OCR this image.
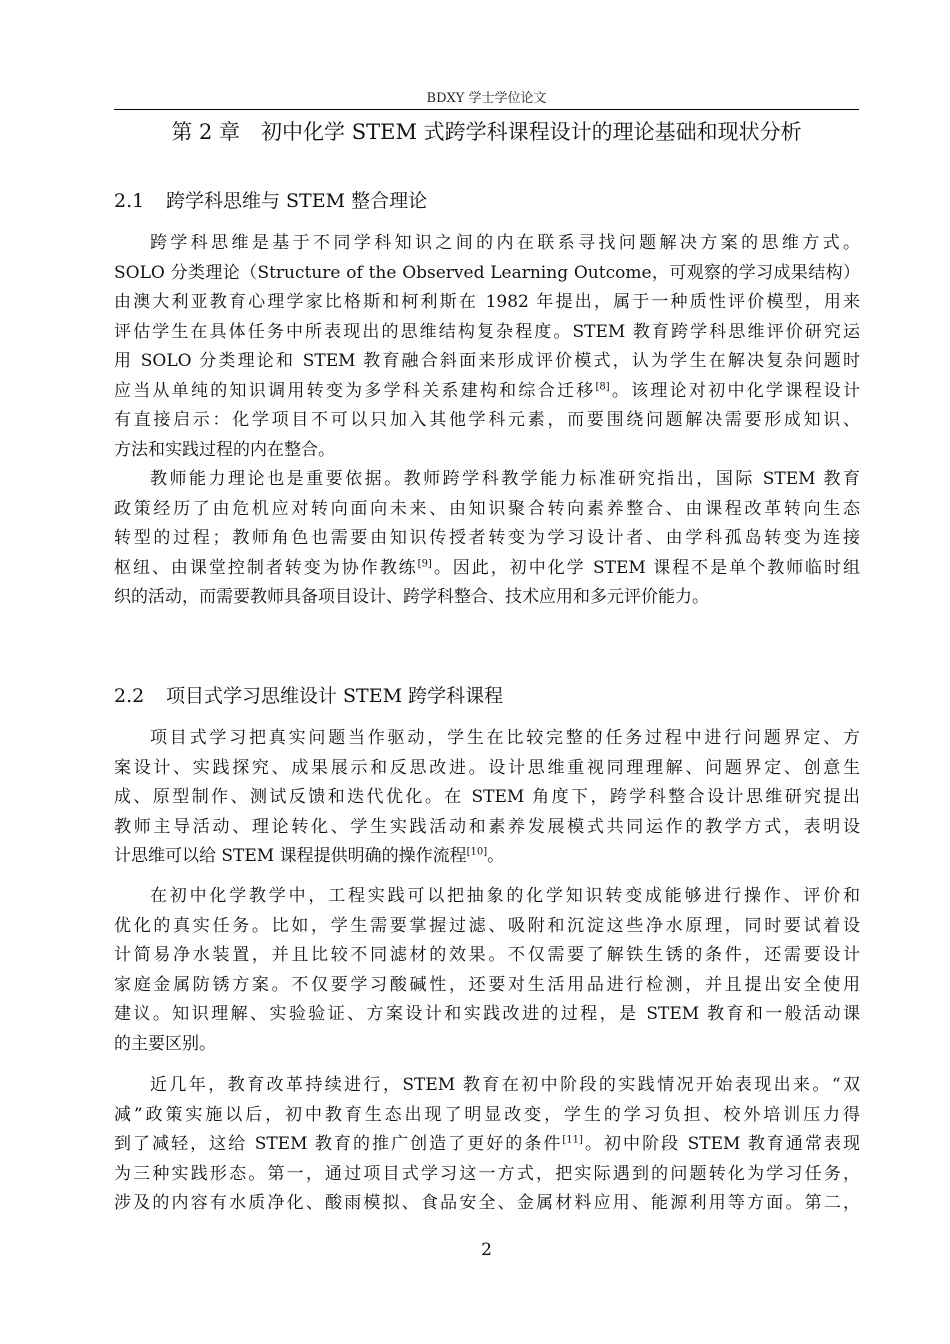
BDXY 学士学位论文
第 2 章　初中化学 STEM 式跨学科课程设计的理论基础和现状分析
2.1 跨学科思维与 STEM 整合理论
跨学科思维是基于不同学科知识之间的内在联系寻找问题解决方案的思维方式。
SOLO 分类理论（Structure of the Observed Learning Outcome，可观察的学习成果结构）
由澳大利亚教育心理学家比格斯和柯利斯在 1982 年提出，属于一种质性评价模型，用来
评估学生在具体任务中所表现出的思维结构复杂程度。STEM 教育跨学科思维评价研究运
用 SOLO 分类理论和 STEM 教育融合斜面来形成评价模式，认为学生在解决复杂问题时
应当从单纯的知识调用转变为多学科关系建构和综合迁移[8]。该理论对初中化学课程设计
有直接启示：化学项目不可以只加入其他学科元素，而要围绕问题解决需要形成知识、
方法和实践过程的内在整合。
教师能力理论也是重要依据。教师跨学科教学能力标准研究指出，国际 STEM 教育
政策经历了由危机应对转向面向未来、由知识聚合转向素养整合、由课程改革转向生态
转型的过程；教师角色也需要由知识传授者转变为学习设计者、由学科孤岛转变为连接
枢纽、由课堂控制者转变为协作教练[9]。因此，初中化学 STEM 课程不是单个教师临时组
织的活动，而需要教师具备项目设计、跨学科整合、技术应用和多元评价能力。
2.2 项目式学习思维设计 STEM 跨学科课程
项目式学习把真实问题当作驱动，学生在比较完整的任务过程中进行问题界定、方
案设计、实践探究、成果展示和反思改进。设计思维重视同理理解、问题界定、创意生
成、原型制作、测试反馈和迭代优化。在 STEM 角度下，跨学科整合设计思维研究提出
教师主导活动、理论转化、学生实践活动和素养发展模式共同运作的教学方式，表明设
计思维可以给 STEM 课程提供明确的操作流程[10]。
在初中化学教学中，工程实践可以把抽象的化学知识转变成能够进行操作、评价和
优化的真实任务。比如，学生需要掌握过滤、吸附和沉淀这些净水原理，同时要试着设
计简易净水装置，并且比较不同滤材的效果。不仅需要了解铁生锈的条件，还需要设计
家庭金属防锈方案。不仅要学习酸碱性，还要对生活用品进行检测，并且提出安全使用
建议。知识理解、实验验证、方案设计和实践改进的过程，是 STEM 教育和一般活动课
的主要区别。
近几年，教育改革持续进行，STEM 教育在初中阶段的实践情况开始表现出来。“双
减”政策实施以后，初中教育生态出现了明显改变，学生的学习负担、校外培训压力得
到了减轻，这给 STEM 教育的推广创造了更好的条件[11]。初中阶段 STEM 教育通常表现
为三种实践形态。第一，通过项目式学习这一方式，把实际遇到的问题转化为学习任务，
涉及的内容有水质净化、酸雨模拟、食品安全、金属材料应用、能源利用等方面。第二，
2
